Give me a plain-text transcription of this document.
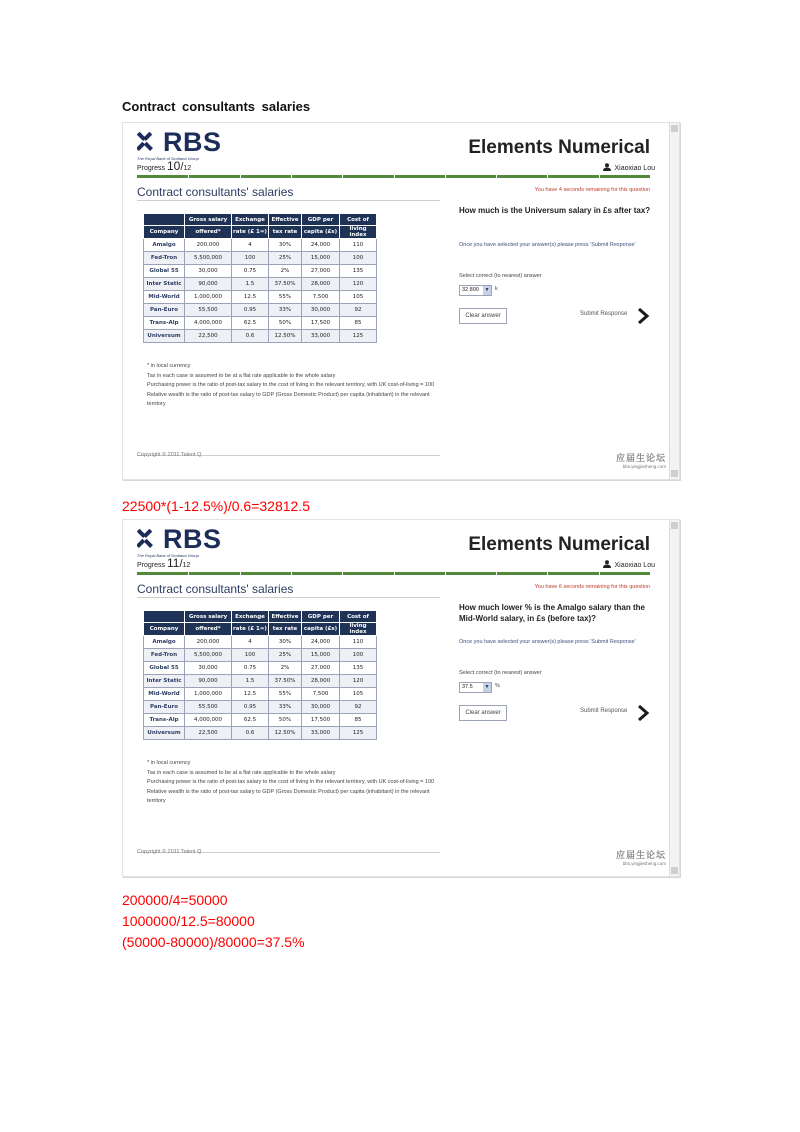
Contract consultants salaries
RBS
The Royal Bank of Scotland Group
Progress 10/12
Elements Numerical
Xiaoxiao Lou
Contract consultants' salaries
	Gross salary	Exchange	Effective	GDP per	Cost of
Company	offered*	rate (£ 1=)	tax rate	capita (£s)	living index
Amalgo	200,000	4	30%	24,000	110
Fed-Tron	5,500,000	100	25%	15,000	100
Global 55	30,000	0.75	2%	27,000	135
Inter Static	90,000	1.5	37.50%	28,000	120
Mid-World	1,000,000	12.5	55%	7,500	105
Pan-Euro	55,500	0.95	33%	30,000	92
Trans-Alp	4,000,000	62.5	50%	17,500	85
Universum	22,500	0.6	12.50%	33,000	125
* in local currency
Tax in each case is assumed to be at a flat rate applicable to the whole salary
Purchasing power is the ratio of post-tax salary to the cost of living in the relevant territory, with UK cost-of-living = 100
Relative wealth is the ratio of post-tax salary to GDP (Gross Domestic Product) per capita (inhabitant) in the relevant territory
You have 4 seconds remaining for this question
How much is the Universum salary in £s after tax?
Once you have selected your answer(s) please press 'Submit Response'
Select correct (to nearest) answer
32 800	▼ k
Clear answer	Submit Response
Copyright © 2011 Talent Q	应届生论坛
bbs.yingjiesheng.com
22500*(1-12.5%)/0.6=32812.5
RBS
The Royal Bank of Scotland Group
Progress 11/12
Elements Numerical
Xiaoxiao Lou
Contract consultants' salaries
	Gross salary	Exchange	Effective	GDP per	Cost of
Company	offered*	rate (£ 1=)	tax rate	capita (£s)	living index
Amalgo	200,000	4	30%	24,000	110
Fed-Tron	5,500,000	100	25%	15,000	100
Global 55	30,000	0.75	2%	27,000	135
Inter Static	90,000	1.5	37.50%	28,000	120
Mid-World	1,000,000	12.5	55%	7,500	105
Pan-Euro	55,500	0.95	33%	30,000	92
Trans-Alp	4,000,000	62.5	50%	17,500	85
Universum	22,500	0.6	12.50%	33,000	125
* in local currency
Tax in each case is assumed to be at a flat rate applicable to the whole salary
Purchasing power is the ratio of post-tax salary to the cost of living in the relevant territory, with UK cost-of-living = 100
Relative wealth is the ratio of post-tax salary to GDP (Gross Domestic Product) per capita (inhabitant) in the relevant territory
You have 6 seconds remaining for this question
How much lower % is the Amalgo salary than the Mid-World salary, in £s (before tax)?
Once you have selected your answer(s) please press 'Submit Response'
Select correct (to nearest) answer
37.5	▼ %
Clear answer	Submit Response
Copyright © 2011 Talent Q	应届生论坛
bbs.yingjiesheng.com
200000/4=50000
1000000/12.5=80000
(50000-80000)/80000=37.5%
